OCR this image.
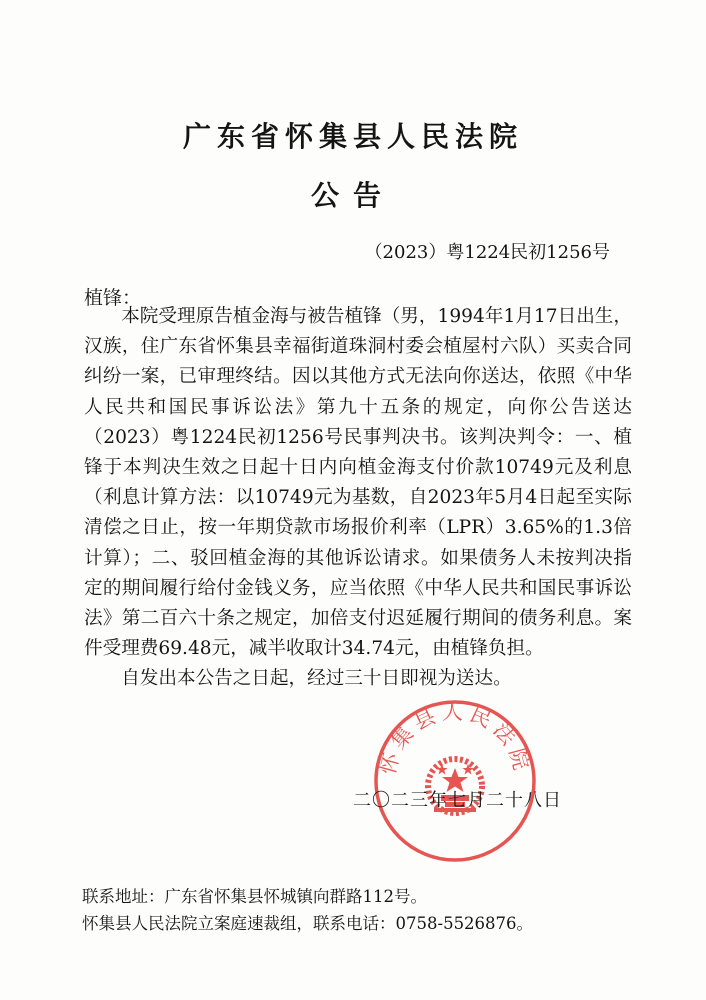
广东省怀集县人民法院
公告
（2023）粤1224民初1256号
植锋：

本院受理原告植金海与被告植锋（男，1994年1月17日出生，汉族，住广东省怀集县幸福街道珠洞村委会植屋村六队）买卖合同纠纷一案，已审理终结。因以其他方式无法向你送达，依照《中华人民共和国民事诉讼法》第九十五条的规定，向你公告送达（2023）粤1224民初1256号民事判决书。该判决判令：一、植锋于本判决生效之日起十日内向植金海支付价款10749元及利息（利息计算方法：以10749元为基数，自2023年5月4日起至实际清偿之日止，按一年期贷款市场报价利率（LPR）3.65%的1.3倍计算）；二、驳回植金海的其他诉讼请求。如果债务人未按判决指定的期间履行给付金钱义务，应当依照《中华人民共和国民事诉讼法》第二百六十条之规定，加倍支付迟延履行期间的债务利息。案件受理费69.48元，减半收取计34.74元，由植锋负担。

自发出本公告之日起，经过三十日即视为送达。

怀集县人民法院
二〇二三年七月二十八日
联系地址：广东省怀集县怀城镇向群路112号。
怀集县人民法院立案庭速裁组，联系电话：0758-5526876。
